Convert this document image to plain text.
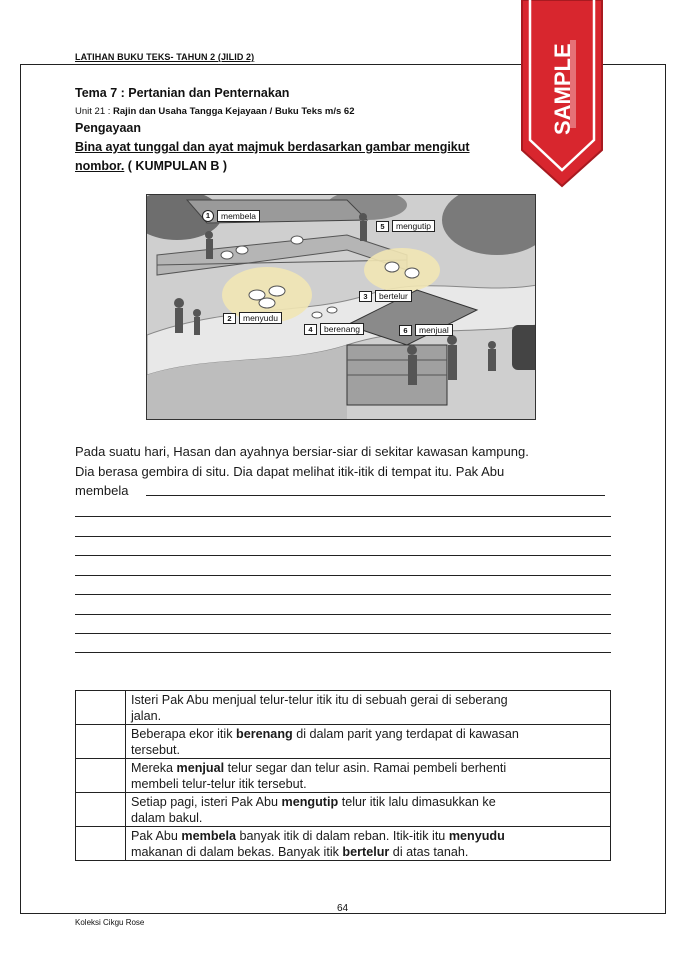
LATIHAN BUKU TEKS- TAHUN 2 (JILID 2)	SAMPLE
Tema 7 : Pertanian dan Penternakan
Unit 21 : Rajin dan Usaha Tangga Kejayaan / Buku Teks m/s 62
Pengayaan
Bina ayat tunggal dan ayat majmuk berdasarkan gambar mengikut
nombor. ( KUMPULAN B )
1	membela
5	mengutip
3	bertelur
2	menyudu
4	berenang	6	menjual
Pada suatu hari, Hasan dan ayahnya bersiar-siar di sekitar kawasan kampung.
Dia berasa gembira di situ. Dia dapat melihat itik-itik di tempat itu. Pak Abu
membela
	Isteri Pak Abu menjual telur-telur itik itu di sebuah gerai di seberang
jalan.
	Beberapa ekor itik berenang di dalam parit yang terdapat di kawasan
tersebut.
	Mereka menjual telur segar dan telur asin. Ramai pembeli berhenti
membeli telur-telur itik tersebut.
	Setiap pagi, isteri Pak Abu mengutip telur itik lalu dimasukkan ke
dalam bakul.
	Pak Abu membela banyak itik di dalam reban. Itik-itik itu menyudu
makanan di dalam bekas. Banyak itik bertelur di atas tanah.
64
Koleksi Cikgu Rose
